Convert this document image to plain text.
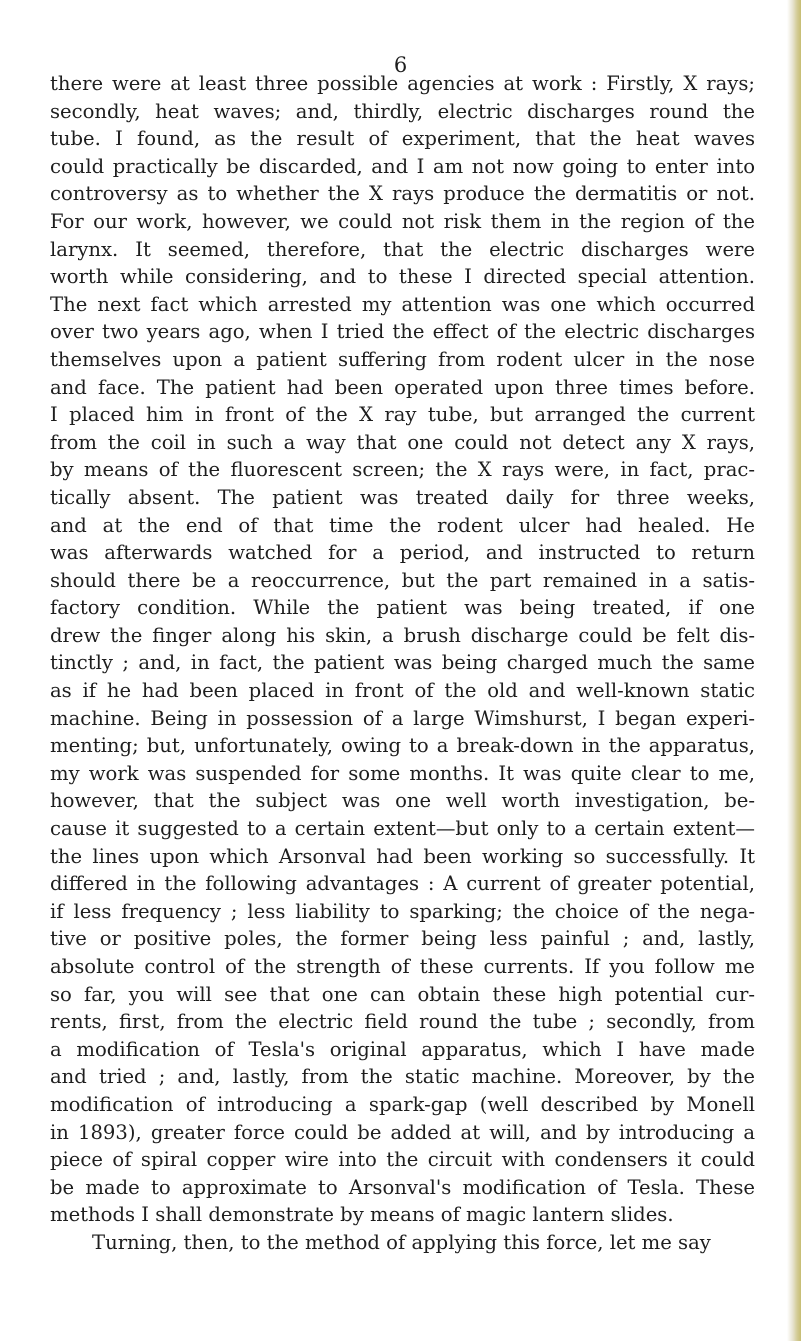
6
there were at least three possible agencies at work : Firstly, X rays;
secondly, heat waves; and, thirdly, electric discharges round the
tube. I found, as the result of experiment, that the heat waves
could practically be discarded, and I am not now going to enter into
controversy as to whether the X rays produce the dermatitis or not.
For our work, however, we could not risk them in the region of the
larynx. It seemed, therefore, that the electric discharges were
worth while considering, and to these I directed special attention.
The next fact which arrested my attention was one which occurred
over two years ago, when I tried the effect of the electric discharges
themselves upon a patient suffering from rodent ulcer in the nose
and face. The patient had been operated upon three times before.
I placed him in front of the X ray tube, but arranged the current
from the coil in such a way that one could not detect any X rays,
by means of the fluorescent screen; the X rays were, in fact, prac-
tically absent. The patient was treated daily for three weeks,
and at the end of that time the rodent ulcer had healed. He
was afterwards watched for a period, and instructed to return
should there be a reoccurrence, but the part remained in a satis-
factory condition. While the patient was being treated, if one
drew the finger along his skin, a brush discharge could be felt dis-
tinctly ; and, in fact, the patient was being charged much the same
as if he had been placed in front of the old and well-known static
machine. Being in possession of a large Wimshurst, I began experi-
menting; but, unfortunately, owing to a break-down in the apparatus,
my work was suspended for some months. It was quite clear to me,
however, that the subject was one well worth investigation, be-
cause it suggested to a certain extent—but only to a certain extent—
the lines upon which Arsonval had been working so successfully. It
differed in the following advantages : A current of greater potential,
if less frequency ; less liability to sparking; the choice of the nega-
tive or positive poles, the former being less painful ; and, lastly,
absolute control of the strength of these currents. If you follow me
so far, you will see that one can obtain these high potential cur-
rents, first, from the electric field round the tube ; secondly, from
a modification of Tesla's original apparatus, which I have made
and tried ; and, lastly, from the static machine. Moreover, by the
modification of introducing a spark-gap (well described by Monell
in 1893), greater force could be added at will, and by introducing a
piece of spiral copper wire into the circuit with condensers it could
be made to approximate to Arsonval's modification of Tesla. These
methods I shall demonstrate by means of magic lantern slides.
Turning, then, to the method of applying this force, let me say
